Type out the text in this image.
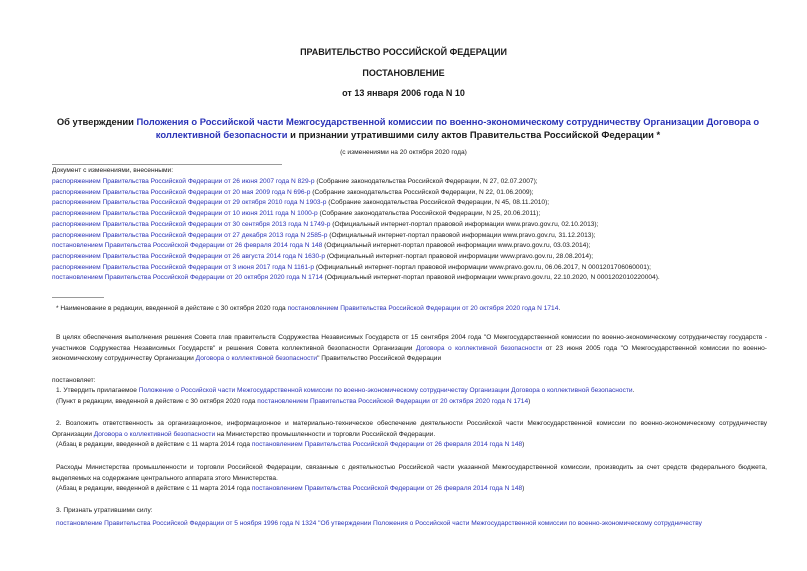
ПРАВИТЕЛЬСТВО РОССИЙСКОЙ ФЕДЕРАЦИИ
ПОСТАНОВЛЕНИЕ
от 13 января 2006 года N 10
Об утверждении Положения о Российской части Межгосударственной комиссии по военно-экономическому сотрудничеству Организации Договора о коллективной безопасности и признании утратившими силу актов Правительства Российской Федерации *
(с изменениями на 20 октября 2020 года)
Документ с изменениями, внесенными:
распоряжением Правительства Российской Федерации от 26 июня 2007 года N 829-р (Собрание законодательства Российской Федерации, N 27, 02.07.2007);
распоряжением Правительства Российской Федерации от 20 мая 2009 года N 696-р (Собрание законодательства Российской Федерации, N 22, 01.06.2009);
распоряжением Правительства Российской Федерации от 29 октября 2010 года N 1903-р (Собрание законодательства Российской Федерации, N 45, 08.11.2010);
распоряжением Правительства Российской Федерации от 10 июня 2011 года N 1000-р (Собрание законодательства Российской Федерации, N 25, 20.06.2011);
распоряжением Правительства Российской Федерации от 30 сентября 2013 года N 1749-р (Официальный интернет-портал правовой информации www.pravo.gov.ru, 02.10.2013);
распоряжением Правительства Российской Федерации от 27 декабря 2013 года N 2585-р (Официальный интернет-портал правовой информации www.pravo.gov.ru, 31.12.2013);
постановлением Правительства Российской Федерации от 26 февраля 2014 года N 148 (Официальный интернет-портал правовой информации www.pravo.gov.ru, 03.03.2014);
распоряжением Правительства Российской Федерации от 26 августа 2014 года N 1630-р (Официальный интернет-портал правовой информации www.pravo.gov.ru, 28.08.2014);
распоряжением Правительства Российской Федерации от 3 июня 2017 года N 1161-р (Официальный интернет-портал правовой информации www.pravo.gov.ru, 06.06.2017, N 0001201706060001);
постановлением Правительства Российской Федерации от 20 октября 2020 года N 1714 (Официальный интернет-портал правовой информации www.pravo.gov.ru, 22.10.2020, N 0001202010220004).
* Наименование в редакции, введенной в действие с 30 октября 2020 года постановлением Правительства Российской Федерации от 20 октября 2020 года N 1714.
В целях обеспечения выполнения решения Совета глав правительств Содружества Независимых Государств от 15 сентября 2004 года "О Межгосударственной комиссии по военно-экономическому сотрудничеству государств - участников Содружества Независимых Государств" и решения Совета коллективной безопасности Организации Договора о коллективной безопасности от 23 июня 2005 года "О Межгосударственной комиссии по военно-экономическому сотрудничеству Организации Договора о коллективной безопасности" Правительство Российской Федерации
постановляет:
1. Утвердить прилагаемое Положение о Российской части Межгосударственной комиссии по военно-экономическому сотрудничеству Организации Договора о коллективной безопасности.
(Пункт в редакции, введенной в действие с 30 октября 2020 года постановлением Правительства Российской Федерации от 20 октября 2020 года N 1714)
2. Возложить ответственность за организационное, информационное и материально-техническое обеспечение деятельности Российской части Межгосударственной комиссии по военно-экономическому сотрудничеству Организации Договора о коллективной безопасности на Министерство промышленности и торговли Российской Федерации.
(Абзац в редакции, введенной в действие с 11 марта 2014 года постановлением Правительства Российской Федерации от 26 февраля 2014 года N 148)
Расходы Министерства промышленности и торговли Российской Федерации, связанные с деятельностью Российской части указанной Межгосударственной комиссии, производить за счет средств федерального бюджета, выделяемых на содержание центрального аппарата этого Министерства.
(Абзац в редакции, введенной в действие с 11 марта 2014 года постановлением Правительства Российской Федерации от 26 февраля 2014 года N 148)
3. Признать утратившими силу:
постановление Правительства Российской Федерации от 5 ноября 1996 года N 1324 "Об утверждении Положения о Российской части Межгосударственной комиссии по военно-экономическому сотрудничеству
